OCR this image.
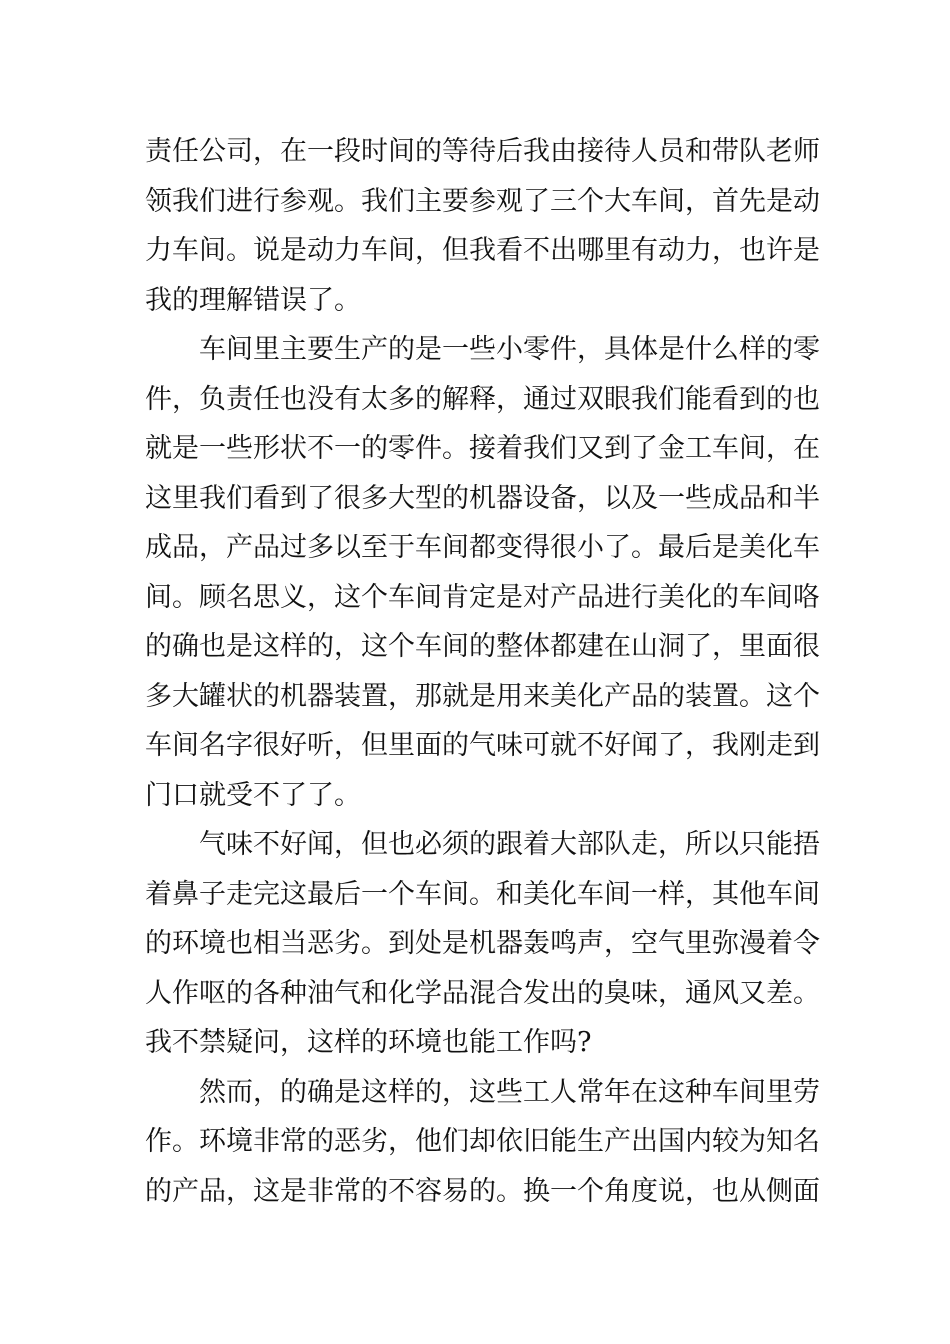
责任公司，在一段时间的等待后我由接待人员和带队老师
领我们进行参观。我们主要参观了三个大车间，首先是动
力车间。说是动力车间，但我看不出哪里有动力，也许是
我的理解错误了。
车间里主要生产的是一些小零件，具体是什么样的零
件，负责任也没有太多的解释，通过双眼我们能看到的也
就是一些形状不一的零件。接着我们又到了金工车间，在
这里我们看到了很多大型的机器设备，以及一些成品和半
成品，产品过多以至于车间都变得很小了。最后是美化车
间。顾名思义，这个车间肯定是对产品进行美化的车间咯
的确也是这样的，这个车间的整体都建在山洞了，里面很
多大罐状的机器装置，那就是用来美化产品的装置。这个
车间名字很好听，但里面的气味可就不好闻了，我刚走到
门口就受不了了。
气味不好闻，但也必须的跟着大部队走，所以只能捂
着鼻子走完这最后一个车间。和美化车间一样，其他车间
的环境也相当恶劣。到处是机器轰鸣声，空气里弥漫着令
人作呕的各种油气和化学品混合发出的臭味，通风又差。
我不禁疑问，这样的环境也能工作吗?
然而，的确是这样的，这些工人常年在这种车间里劳
作。环境非常的恶劣，他们却依旧能生产出国内较为知名
的产品，这是非常的不容易的。换一个角度说，也从侧面
